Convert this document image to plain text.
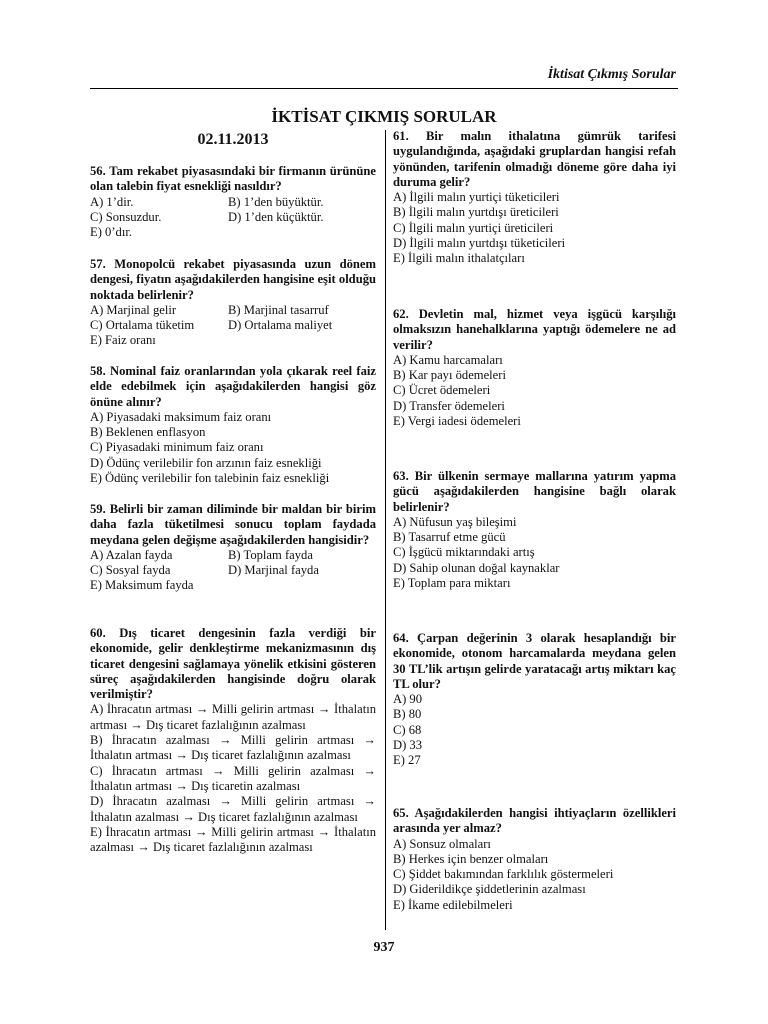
İktisat Çıkmış Sorular
İKTİSAT ÇIKMIŞ SORULAR
02.11.2013
56. Tam rekabet piyasasındaki bir firmanın ürününe olan talebin fiyat esnekliği nasıldır?
A) 1’dir.	B) 1’den büyüktür.
C) Sonsuzdur.	D) 1’den küçüktür.
E) 0’dır.
57. Monopolcü rekabet piyasasında uzun dönem dengesi, fiyatın aşağıdakilerden hangisine eşit olduğu noktada belirlenir?
A) Marjinal gelir	B) Marjinal tasarruf
C) Ortalama tüketim	D) Ortalama maliyet
E) Faiz oranı
58. Nominal faiz oranlarından yola çıkarak reel faiz elde edebilmek için aşağıdakilerden hangisi göz önüne alınır?
A) Piyasadaki maksimum faiz oranı
B) Beklenen enflasyon
C) Piyasadaki minimum faiz oranı
D) Ödünç verilebilir fon arzının faiz esnekliği
E) Ödünç verilebilir fon talebinin faiz esnekliği
59. Belirli bir zaman diliminde bir maldan bir birim daha fazla tüketilmesi sonucu toplam faydada meydana gelen değişme aşağıdakilerden hangisidir?
A) Azalan fayda	B) Toplam fayda
C) Sosyal fayda	D) Marjinal fayda
E) Maksimum fayda
60. Dış ticaret dengesinin fazla verdiği bir ekonomide, gelir denkleştirme mekanizmasının dış ticaret dengesini sağlamaya yönelik etkisini gösteren süreç aşağıdakilerden hangisinde doğru olarak verilmiştir?
A) İhracatın artması → Milli gelirin artması → İthalatın artması → Dış ticaret fazlalığının azalması
B) İhracatın azalması → Milli gelirin artması → İthalatın artması → Dış ticaret fazlalığının azalması
C) İhracatın artması → Milli gelirin azalması → İthalatın artması → Dış ticaretin azalması
D) İhracatın azalması → Milli gelirin artması → İthalatın azalması → Dış ticaret fazlalığının azalması
E) İhracatın artması → Milli gelirin artması → İthalatın azalması → Dış ticaret fazlalığının azalması
61. Bir malın ithalatına gümrük tarifesi uygulandığında, aşağıdaki gruplardan hangisi refah yönünden, tarifenin olmadığı döneme göre daha iyi duruma gelir?
A) İlgili malın yurtiçi tüketicileri
B) İlgili malın yurtdışı üreticileri
C) İlgili malın yurtiçi üreticileri
D) İlgili malın yurtdışı tüketicileri
E) İlgili malın ithalatçıları
62. Devletin mal, hizmet veya işgücü karşılığı olmaksızın hanehalklarına yaptığı ödemelere ne ad verilir?
A) Kamu harcamaları
B) Kar payı ödemeleri
C) Ücret ödemeleri
D) Transfer ödemeleri
E) Vergi iadesi ödemeleri
63. Bir ülkenin sermaye mallarına yatırım yapma gücü aşağıdakilerden hangisine bağlı olarak belirlenir?
A) Nüfusun yaş bileşimi
B) Tasarruf etme gücü
C) İşgücü miktarındaki artış
D) Sahip olunan doğal kaynaklar
E) Toplam para miktarı
64. Çarpan değerinin 3 olarak hesaplandığı bir ekonomide, otonom harcamalarda meydana gelen 30 TL’lik artışın gelirde yaratacağı artış miktarı kaç TL olur?
A) 90
B) 80
C) 68
D) 33
E) 27
65. Aşağıdakilerden hangisi ihtiyaçların özellikleri arasında yer almaz?
A) Sonsuz olmaları
B) Herkes için benzer olmaları
C) Şiddet bakımından farklılık göstermeleri
D) Giderildikçe şiddetlerinin azalması
E) İkame edilebilmeleri
937
